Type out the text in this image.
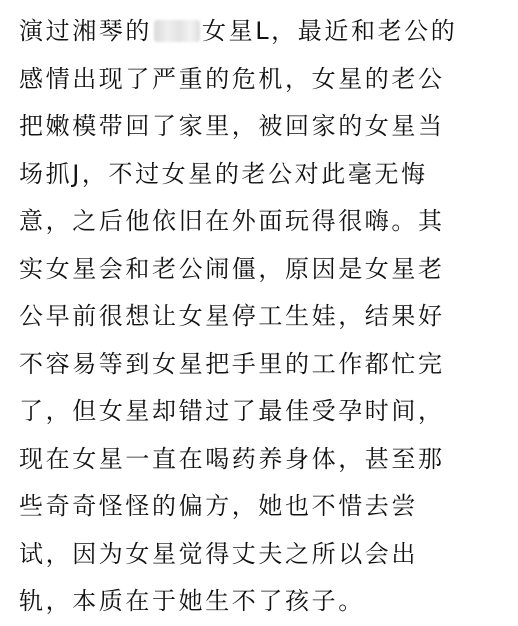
演过湘琴的 女星L，最近和老公的
感情出现了严重的危机，女星的老公
把嫩模带回了家里，被回家的女星当
场抓J，不过女星的老公对此毫无悔
意，之后他依旧在外面玩得很嗨。其
实女星会和老公闹僵，原因是女星老
公早前很想让女星停工生娃，结果好
不容易等到女星把手里的工作都忙完
了，但女星却错过了最佳受孕时间，
现在女星一直在喝药养身体，甚至那
些奇奇怪怪的偏方，她也不惜去尝
试，因为女星觉得丈夫之所以会出
轨，本质在于她生不了孩子。
